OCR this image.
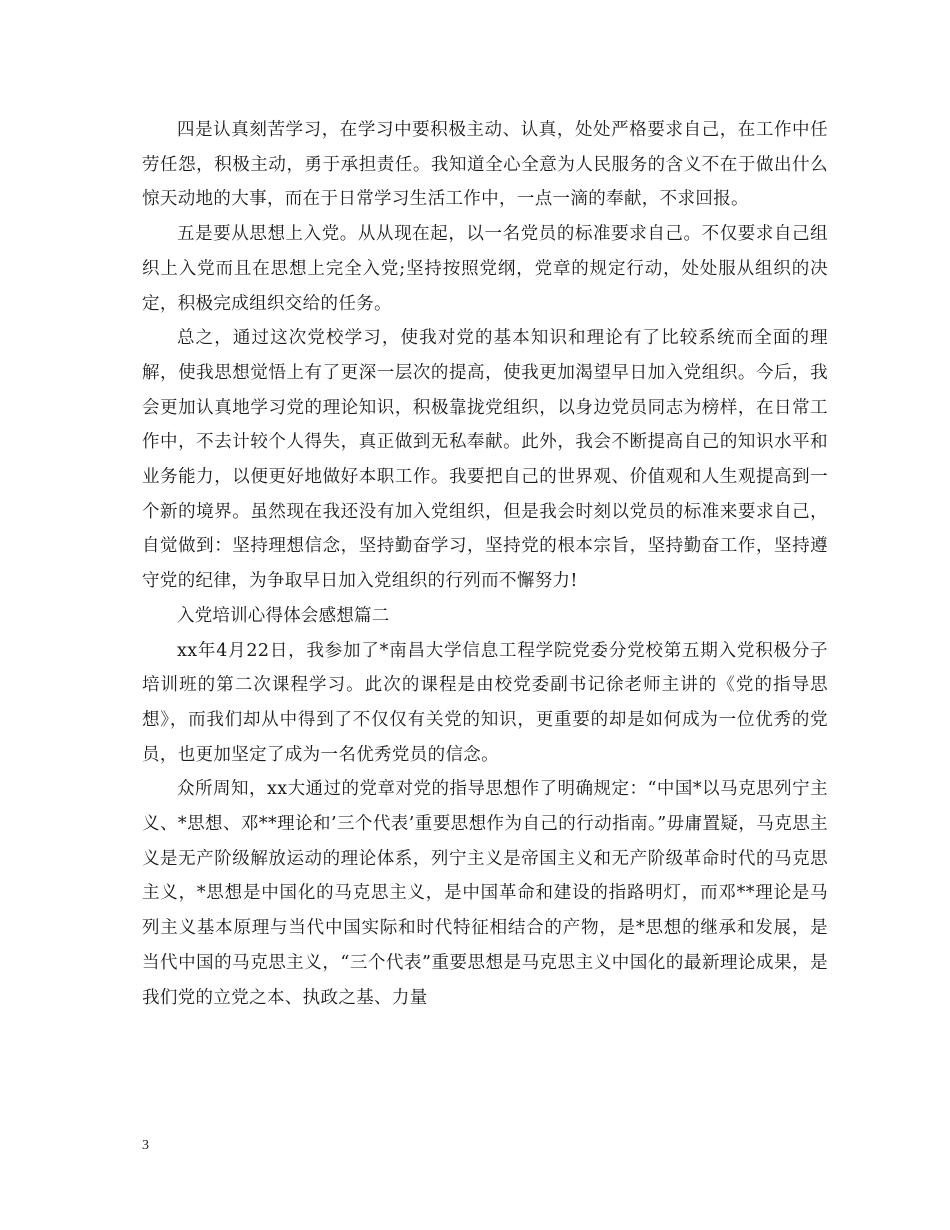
四是认真刻苦学习，在学习中要积极主动、认真，处处严格要求自己，在工作中任劳任怨，积极主动，勇于承担责任。我知道全心全意为人民服务的含义不在于做出什么惊天动地的大事，而在于日常学习生活工作中，一点一滴的奉献，不求回报。

五是要从思想上入党。从从现在起，以一名党员的标准要求自己。不仅要求自己组织上入党而且在思想上完全入党;坚持按照党纲，党章的规定行动，处处服从组织的决定，积极完成组织交给的任务。

总之，通过这次党校学习，使我对党的基本知识和理论有了比较系统而全面的理解，使我思想觉悟上有了更深一层次的提高，使我更加渴望早日加入党组织。今后，我会更加认真地学习党的理论知识，积极靠拢党组织，以身边党员同志为榜样，在日常工作中，不去计较个人得失，真正做到无私奉献。此外，我会不断提高自己的知识水平和业务能力，以便更好地做好本职工作。我要把自己的世界观、价值观和人生观提高到一个新的境界。虽然现在我还没有加入党组织，但是我会时刻以党员的标准来要求自己，自觉做到：坚持理想信念，坚持勤奋学习，坚持党的根本宗旨，坚持勤奋工作，坚持遵守党的纪律，为争取早日加入党组织的行列而不懈努力!

入党培训心得体会感想篇二

xx年4月22日，我参加了*南昌大学信息工程学院党委分党校第五期入党积极分子培训班的第二次课程学习。此次的课程是由校党委副书记徐老师主讲的《党的指导思想》，而我们却从中得到了不仅仅有关党的知识，更重要的却是如何成为一位优秀的党员，也更加坚定了成为一名优秀党员的信念。

众所周知，xx大通过的党章对党的指导思想作了明确规定：“中国*以马克思列宁主义、*思想、邓**理论和’三个代表’重要思想作为自己的行动指南。”毋庸置疑，马克思主义是无产阶级解放运动的理论体系，列宁主义是帝国主义和无产阶级革命时代的马克思主义，*思想是中国化的马克思主义，是中国革命和建设的指路明灯，而邓**理论是马列主义基本原理与当代中国实际和时代特征相结合的产物，是*思想的继承和发展，是当代中国的马克思主义，“三个代表”重要思想是马克思主义中国化的最新理论成果，是我们党的立党之本、执政之基、力量

3
